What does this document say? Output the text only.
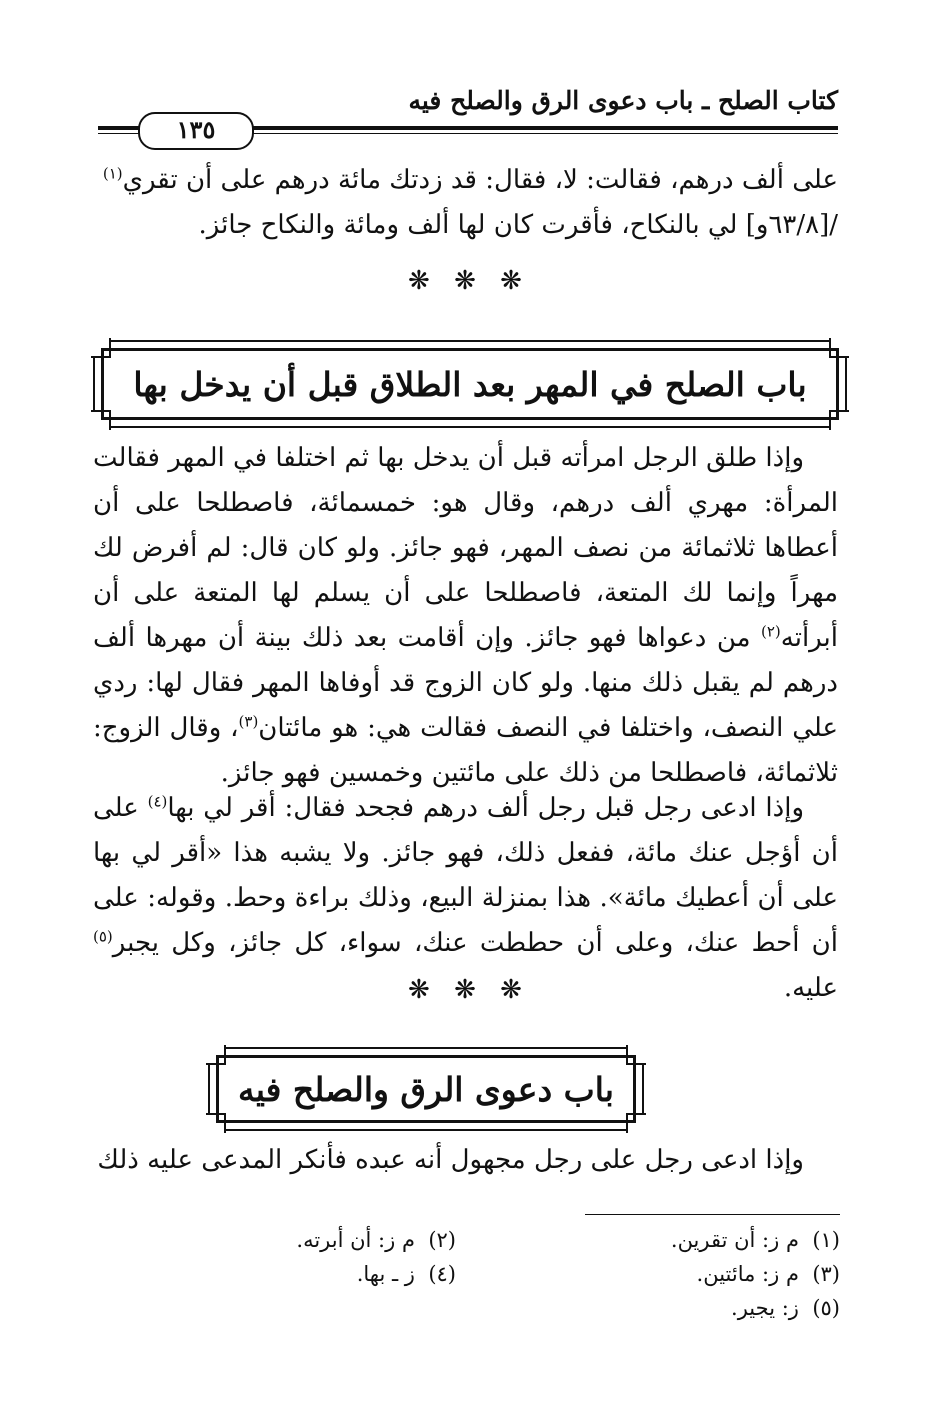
كتاب الصلح ـ باب دعوى الرق والصلح فيه
١٣٥
على ألف درهم، فقالت: لا، فقال: قد زدتك مائة درهم على أن تقري$^{(١)}$
/[٦٣/٨و] لي بالنكاح، فأقرت كان لها ألف ومائة والنكاح جائز.
❋ ❋ ❋
باب الصلح في المهر بعد الطلاق قبل أن يدخل بها
وإذا طلق الرجل امرأته قبل أن يدخل بها ثم اختلفا في المهر فقالت المرأة: مهري ألف درهم، وقال هو: خمسمائة، فاصطلحا على أن أعطاها ثلاثمائة من نصف المهر، فهو جائز. ولو كان قال: لم أفرض لك مهراً وإنما لك المتعة، فاصطلحا على أن يسلم لها المتعة على أن أبرأته$^{(٢)}$ من دعواها فهو جائز. وإن أقامت بعد ذلك بينة أن مهرها ألف درهم لم يقبل ذلك منها. ولو كان الزوج قد أوفاها المهر فقال لها: ردي علي النصف، واختلفا في النصف فقالت هي: هو مائتان$^{(٣)}$، وقال الزوج: ثلاثمائة، فاصطلحا من ذلك على مائتين وخمسين فهو جائز.
وإذا ادعى رجل قبل رجل ألف درهم فجحد فقال: أقر لي بها$^{(٤)}$ على أن أؤجل عنك مائة، ففعل ذلك، فهو جائز. ولا يشبه هذا «أقر لي بها على أن أعطيك مائة». هذا بمنزلة البيع، وذلك براءة وحط. وقوله: على أن أحط عنك، وعلى أن حططت عنك، سواء، كل جائز، وكل يجبر$^{(٥)}$ عليه.
❋ ❋ ❋
باب دعوى الرق والصلح فيه
وإذا ادعى رجل على رجل مجهول أنه عبده فأنكر المدعى عليه ذلك
(١)  م ز: أن تقرين.
(٢)  م ز: أن أبرته.
(٣)  م ز: مائتين.
(٤)  ز ـ بها.
(٥)  ز: يجير.
